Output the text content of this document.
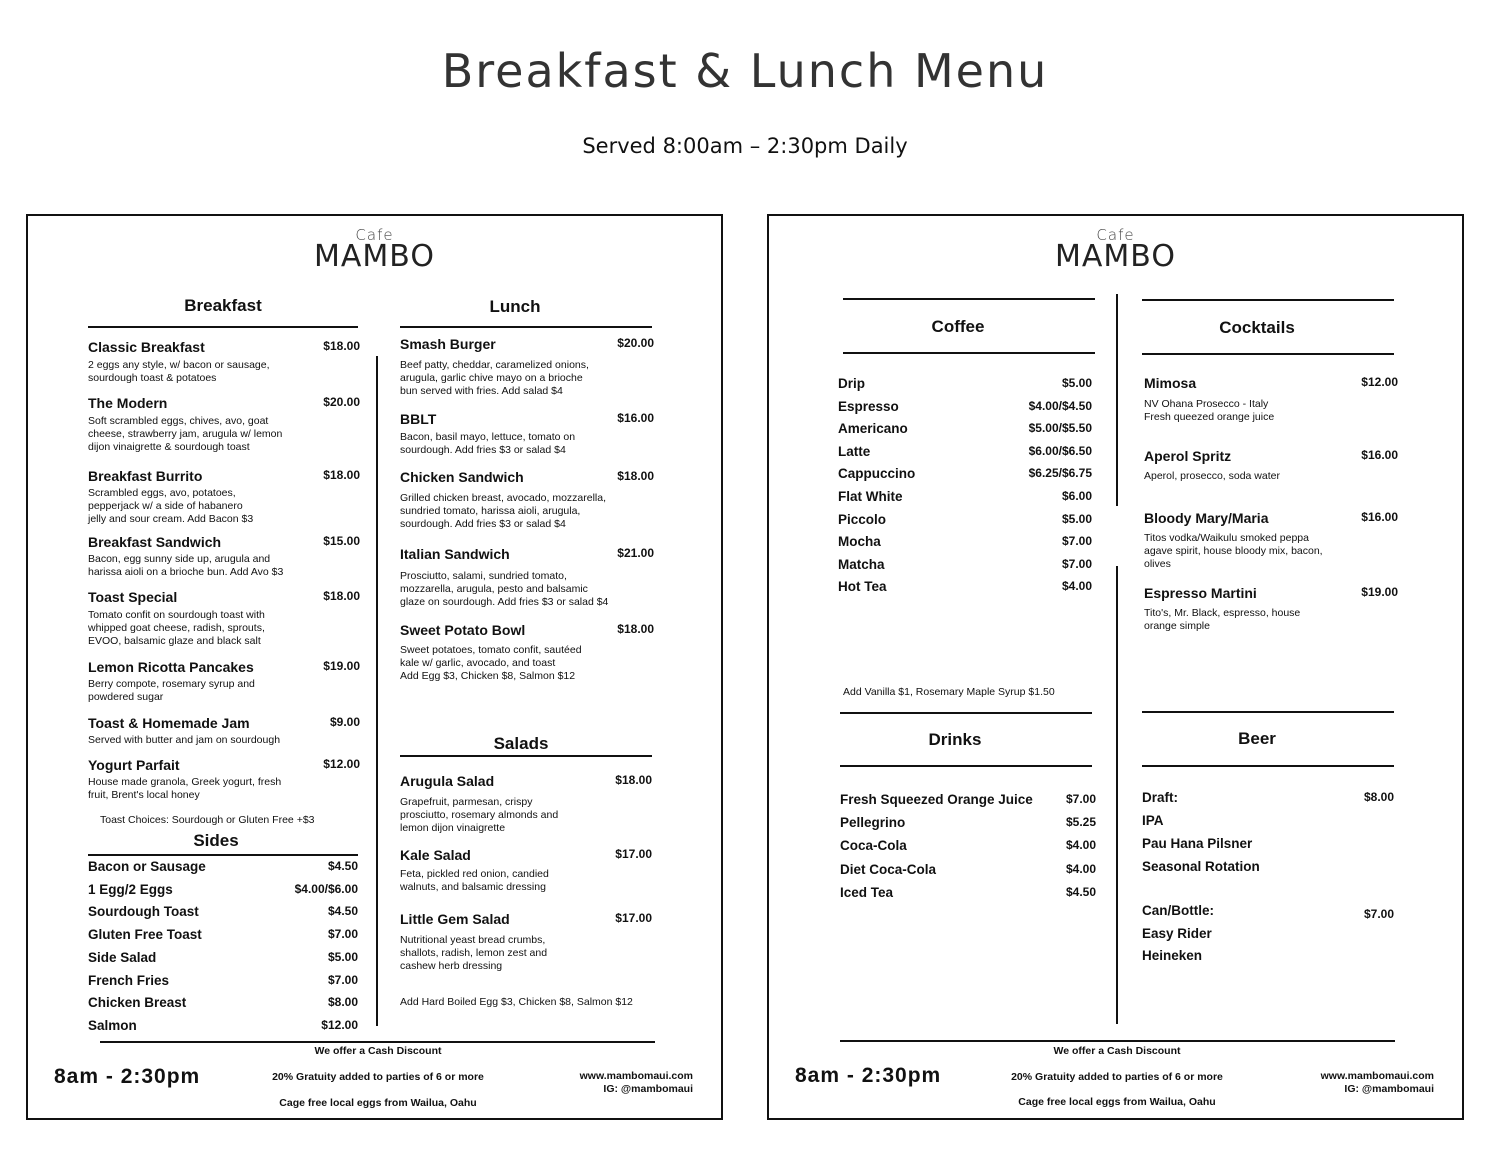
Breakfast & Lunch Menu
Served 8:00am – 2:30pm Daily
Cafe
MAMBO
Breakfast
Classic Breakfast	$18.00
2 eggs any style, w/ bacon or sausage,
sourdough toast & potatoes
The Modern	$20.00
Soft scrambled eggs, chives, avo, goat
cheese, strawberry jam, arugula w/ lemon
dijon vinaigrette & sourdough toast
Breakfast Burrito	$18.00
Scrambled eggs, avo, potatoes,
pepperjack w/ a side of habanero
jelly and sour cream. Add Bacon $3
Breakfast Sandwich	$15.00
Bacon, egg sunny side up, arugula and
harissa aioli on a brioche bun. Add Avo $3
Toast Special	$18.00
Tomato confit on sourdough toast with
whipped goat cheese, radish, sprouts,
EVOO, balsamic glaze and black salt
Lemon Ricotta Pancakes	$19.00
Berry compote, rosemary syrup and
powdered sugar
Toast & Homemade Jam	$9.00
Served with butter and jam on sourdough
Yogurt Parfait	$12.00
House made granola, Greek yogurt, fresh
fruit, Brent's local honey
Toast Choices: Sourdough or Gluten Free +$3
Sides
Bacon or Sausage	$4.50
1 Egg/2 Eggs	$4.00/$6.00
Sourdough Toast	$4.50
Gluten Free Toast	$7.00
Side Salad	$5.00
French Fries	$7.00
Chicken Breast	$8.00
Salmon	$12.00
Lunch
Smash Burger	$20.00
Beef patty, cheddar, caramelized onions,
arugula, garlic chive mayo on a brioche
bun served with fries. Add salad $4
BBLT	$16.00
Bacon, basil mayo, lettuce, tomato on
sourdough. Add fries $3 or salad $4
Chicken Sandwich	$18.00
Grilled chicken breast, avocado, mozzarella,
sundried tomato, harissa aioli, arugula,
sourdough. Add fries $3 or salad $4
Italian Sandwich	$21.00
Prosciutto, salami, sundried tomato,
mozzarella, arugula, pesto and balsamic
glaze on sourdough. Add fries $3 or salad $4
Sweet Potato Bowl	$18.00
Sweet potatoes, tomato confit, sautéed
kale w/ garlic, avocado, and toast
Add Egg $3, Chicken $8, Salmon $12
Salads
Arugula Salad	$18.00
Grapefruit, parmesan, crispy
prosciutto, rosemary almonds and
lemon dijon vinaigrette
Kale Salad	$17.00
Feta, pickled red onion, candied
walnuts, and balsamic dressing
Little Gem Salad	$17.00
Nutritional yeast bread crumbs,
shallots, radish, lemon zest and
cashew herb dressing
Add Hard Boiled Egg $3, Chicken $8, Salmon $12
We offer a Cash Discount
8am - 2:30pm	20% Gratuity added to parties of 6 or more	www.mambomaui.com
IG: @mambomaui
Cage free local eggs from Wailua, Oahu
Cafe
MAMBO
Coffee
Drip	$5.00
Espresso	$4.00/$4.50
Americano	$5.00/$5.50
Latte	$6.00/$6.50
Cappuccino	$6.25/$6.75
Flat White	$6.00
Piccolo	$5.00
Mocha	$7.00
Matcha	$7.00
Hot Tea	$4.00
Add Vanilla $1, Rosemary Maple Syrup $1.50
Cocktails
Mimosa	$12.00
NV Ohana Prosecco - Italy
Fresh queezed orange juice
Aperol Spritz	$16.00
Aperol, prosecco, soda water
Bloody Mary/Maria	$16.00
Titos vodka/Waikulu smoked peppa
agave spirit, house bloody mix, bacon,
olives
Espresso Martini	$19.00
Tito's, Mr. Black, espresso, house
orange simple
Drinks
Fresh Squeezed Orange Juice	$7.00
Pellegrino	$5.25
Coca-Cola	$4.00
Diet Coca-Cola	$4.00
Iced Tea	$4.50
Beer
Draft:	$8.00
IPA
Pau Hana Pilsner
Seasonal Rotation
Can/Bottle:	$7.00
Easy Rider
Heineken
We offer a Cash Discount
8am - 2:30pm	20% Gratuity added to parties of 6 or more	www.mambomaui.com
IG: @mambomaui
Cage free local eggs from Wailua, Oahu
